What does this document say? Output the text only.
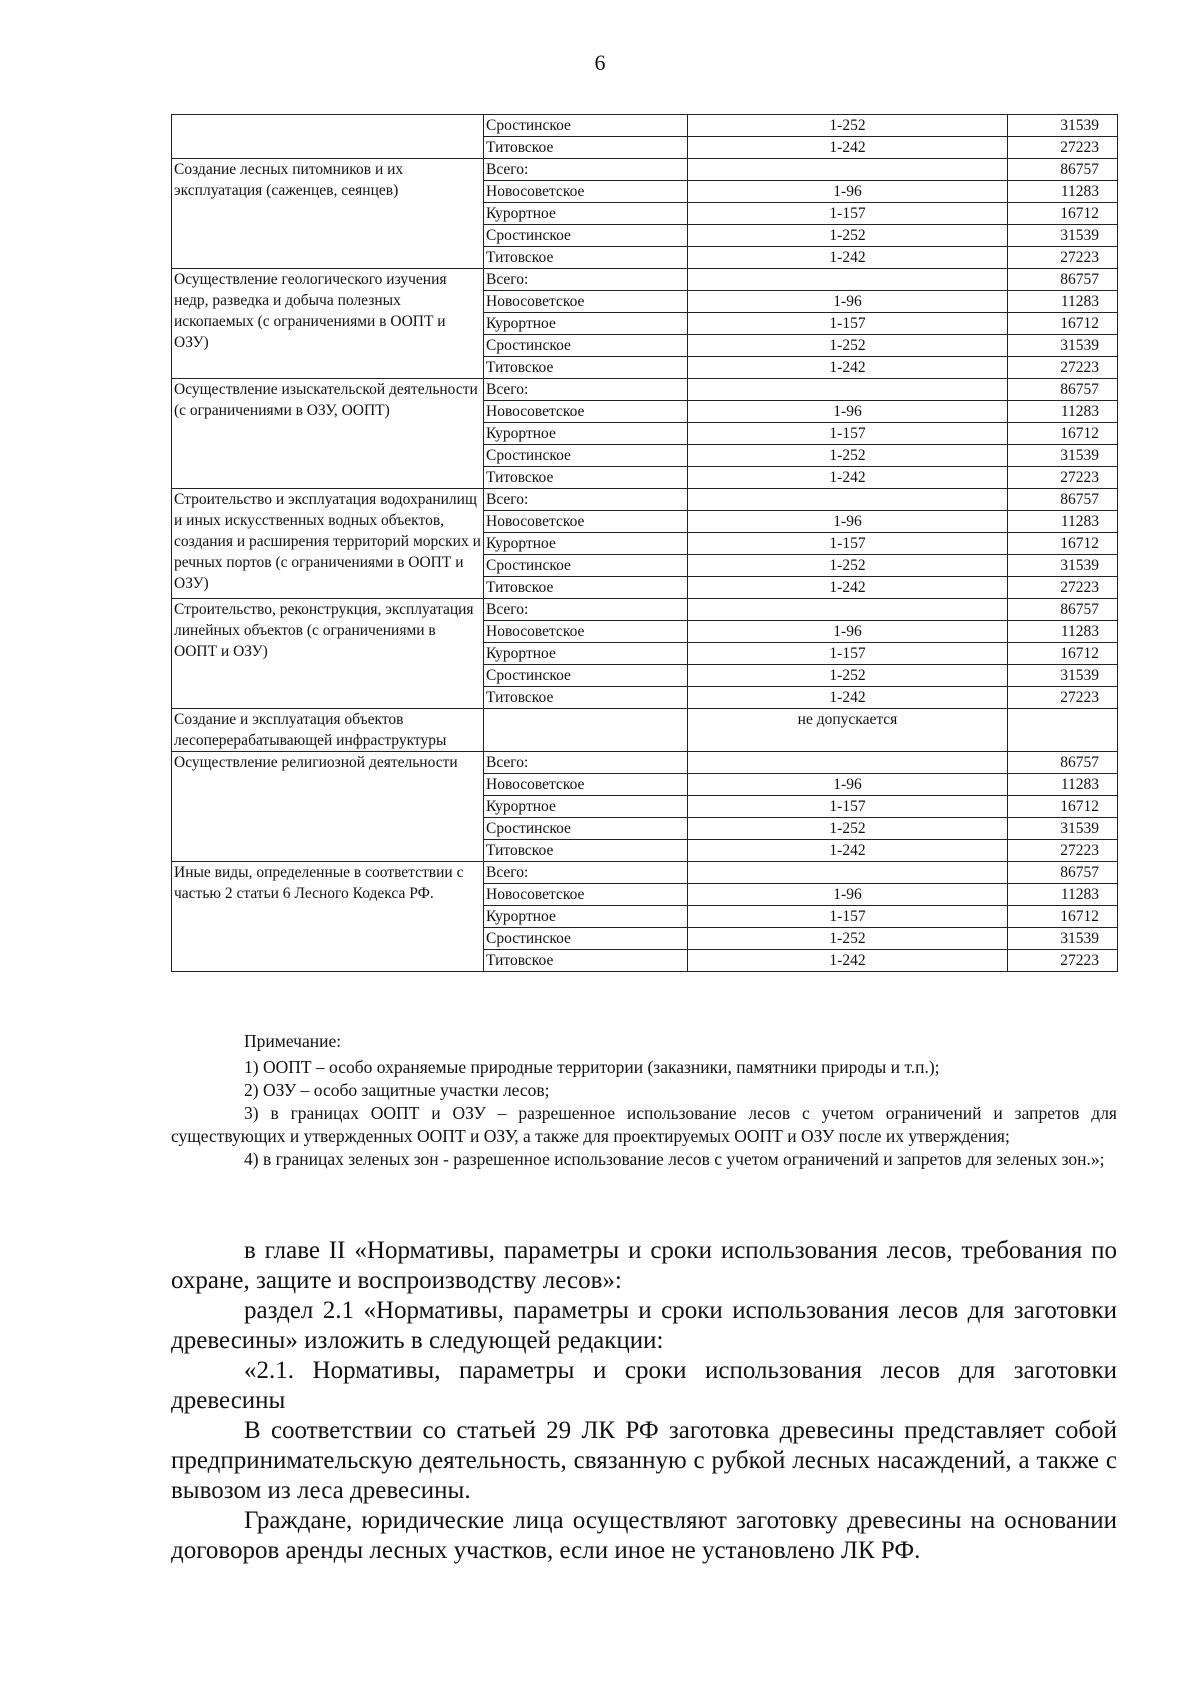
6
	Сростинское	1-252	31539
	Титовское	1-242	27223
Создание лесных питомников и их эксплуатация (саженцев, сеянцев)	Всего:		86757
	Новосоветское	1-96	11283
	Курортное	1-157	16712
	Сростинское	1-252	31539
	Титовское	1-242	27223
Осуществление геологического изучения недр, разведка и добыча полезных ископаемых (с ограничениями в ООПТ и ОЗУ)	Всего:		86757
	Новосоветское	1-96	11283
	Курортное	1-157	16712
	Сростинское	1-252	31539
	Титовское	1-242	27223
Осуществление изыскательской деятельности (с ограничениями в ОЗУ, ООПТ)	Всего:		86757
	Новосоветское	1-96	11283
	Курортное	1-157	16712
	Сростинское	1-252	31539
	Титовское	1-242	27223
Строительство и эксплуатация водохранилищ и иных искусственных водных объектов, создания и расширения территорий морских и речных портов (с ограничениями в ООПТ и ОЗУ)	Всего:		86757
	Новосоветское	1-96	11283
	Курортное	1-157	16712
	Сростинское	1-252	31539
	Титовское	1-242	27223
Строительство, реконструкция, эксплуатация линейных объектов (с ограничениями в ООПТ и ОЗУ)	Всего:		86757
	Новосоветское	1-96	11283
	Курортное	1-157	16712
	Сростинское	1-252	31539
	Титовское	1-242	27223
Создание и эксплуатация объектов лесоперерабатывающей инфраструктуры		не допускается	
Осуществление религиозной деятельности	Всего:		86757
	Новосоветское	1-96	11283
	Курортное	1-157	16712
	Сростинское	1-252	31539
	Титовское	1-242	27223
Иные виды, определенные в соответствии с частью 2 статьи 6 Лесного Кодекса РФ.	Всего:		86757
	Новосоветское	1-96	11283
	Курортное	1-157	16712
	Сростинское	1-252	31539
	Титовское	1-242	27223

Примечание:

1) ООПТ – особо охраняемые природные территории (заказники, памятники природы и т.п.);

2) ОЗУ – особо защитные участки лесов;

3) в границах ООПТ и ОЗУ – разрешенное использование лесов с учетом ограничений и запретов для существующих и утвержденных ООПТ и ОЗУ, а также для проектируемых ООПТ и ОЗУ после их утверждения;

4) в границах зеленых зон - разрешенное использование лесов с учетом ограничений и запретов для зеленых зон.»;

в главе II «Нормативы, параметры и сроки использования лесов, требования по охране, защите и воспроизводству лесов»:

раздел 2.1 «Нормативы, параметры и сроки использования лесов для заготовки древесины» изложить в следующей редакции:

«2.1. Нормативы, параметры и сроки использования лесов для заготовки древесины

В соответствии со статьей 29 ЛК РФ заготовка древесины представляет собой предпринимательскую деятельность, связанную с рубкой лесных насаждений, а также с вывозом из леса древесины.

Граждане, юридические лица осуществляют заготовку древесины на основании договоров аренды лесных участков, если иное не установлено ЛК РФ.
